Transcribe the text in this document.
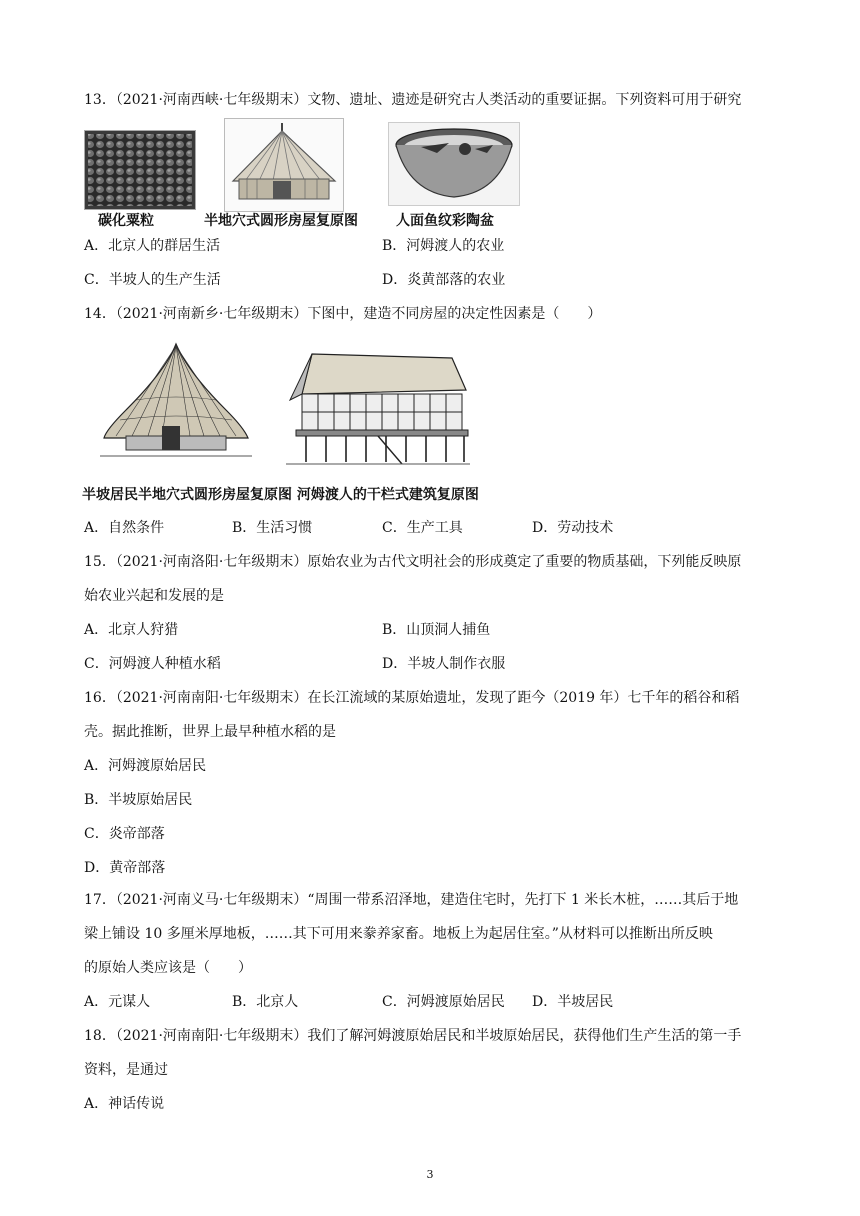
13．（2021·河南西峡·七年级期末）文物、遗址、遗迹是研究古人类活动的重要证据。下列资料可用于研究
碳化粟粒	半地穴式圆形房屋复原图	人面鱼纹彩陶盆
A．北京人的群居生活	B．河姆渡人的农业
C．半坡人的生产生活	D．炎黄部落的农业
14．（2021·河南新乡·七年级期末）下图中，建造不同房屋的决定性因素是（　　）
半坡居民半地穴式圆形房屋复原图 河姆渡人的干栏式建筑复原图
A．自然条件	B．生活习惯	C．生产工具	D．劳动技术
15．（2021·河南洛阳·七年级期末）原始农业为古代文明社会的形成奠定了重要的物质基础，下列能反映原
始农业兴起和发展的是
A．北京人狩猎	B．山顶洞人捕鱼
C．河姆渡人种植水稻	D．半坡人制作衣服
16．（2021·河南南阳·七年级期末）在长江流域的某原始遗址，发现了距今（2019 年）七千年的稻谷和稻
壳。据此推断，世界上最早种植水稻的是
A．河姆渡原始居民
B．半坡原始居民
C．炎帝部落
D．黄帝部落
17．（2021·河南义马·七年级期末）“周围一带系沼泽地，建造住宅时，先打下 1 米长木桩，……其后于地
梁上铺设 10 多厘米厚地板，……其下可用来豢养家畜。地板上为起居住室。”从材料可以推断出所反映
的原始人类应该是（　　）
A．元谋人	B．北京人	C．河姆渡原始居民 D．半坡居民
18．（2021·河南南阳·七年级期末）我们了解河姆渡原始居民和半坡原始居民，获得他们生产生活的第一手
资料，是通过
A．神话传说
3
